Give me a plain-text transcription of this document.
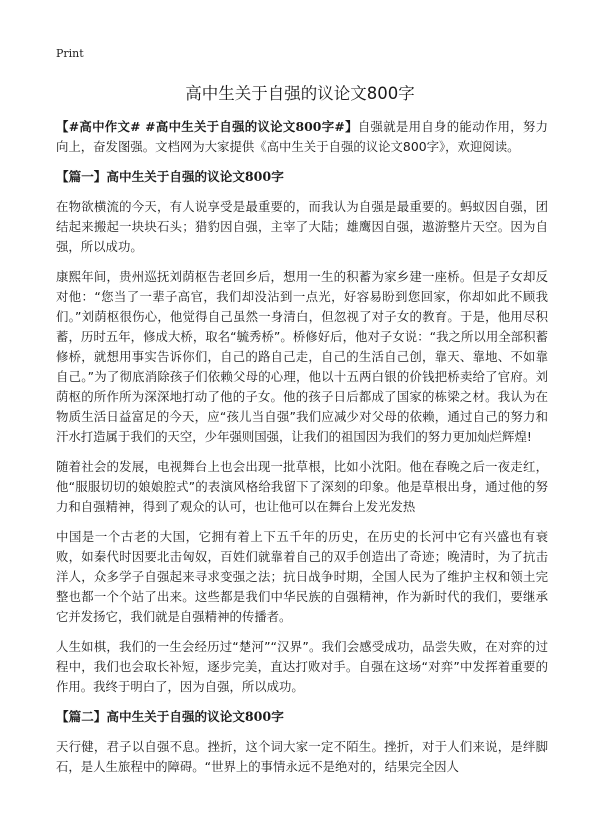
Print
高中生关于自强的议论文800字

【#高中作文# #高中生关于自强的议论文800字#】自强就是用自身的能动作用，努力向上，奋发图强。文档网为大家提供《高中生关于自强的议论文800字》，欢迎阅读。

【篇一】高中生关于自强的议论文800字

在物欲横流的今天，有人说享受是最重要的，而我认为自强是最重要的。蚂蚁因自强，团结起来搬起一块块石头；猎豹因自强，主宰了大陆；雄鹰因自强，遨游整片天空。因为自强，所以成功。

康熙年间，贵州巡抚刘荫枢告老回乡后，想用一生的积蓄为家乡建一座桥。但是子女却反对他：“您当了一辈子高官，我们却没沾到一点光，好容易盼到您回家，你却如此不顾我们。”刘荫枢很伤心，他觉得自己虽然一身清白，但忽视了对子女的教育。于是，他用尽积蓄，历时五年，修成大桥，取名“毓秀桥”。桥修好后，他对子女说：“我之所以用全部积蓄修桥，就想用事实告诉你们，自己的路自己走，自己的生活自己创，靠天、靠地、不如靠自己。”为了彻底消除孩子们依赖父母的心理，他以十五两白银的价钱把桥卖给了官府。刘荫枢的所作所为深深地打动了他的子女。他的孩子日后都成了国家的栋梁之材。我认为在物质生活日益富足的今天，应“孩儿当自强”我们应减少对父母的依赖，通过自己的努力和汗水打造属于我们的天空，少年强则国强，让我们的祖国因为我们的努力更加灿烂辉煌!

随着社会的发展，电视舞台上也会出现一批草根，比如小沈阳。他在春晚之后一夜走红，他“服服切切的娘娘腔式”的表演风格给我留下了深刻的印象。他是草根出身，通过他的努力和自强精神，得到了观众的认可，也让他可以在舞台上发光发热

中国是一个古老的大国，它拥有着上下五千年的历史，在历史的长河中它有兴盛也有衰败，如秦代时因要北击匈奴，百姓们就靠着自己的双手创造出了奇迹；晚清时，为了抗击洋人，众多学子自强起来寻求变强之法；抗日战争时期，全国人民为了维护主权和领土完整也都一个个站了出来。这些都是我们中华民族的自强精神，作为新时代的我们，要继承它并发扬它，我们就是自强精神的传播者。

人生如棋，我们的一生会经历过“楚河”“汉界”。我们会感受成功，品尝失败，在对弈的过程中，我们也会取长补短，逐步完美，直达打败对手。自强在这场“对弈”中发挥着重要的作用。我终于明白了，因为自强，所以成功。

【篇二】高中生关于自强的议论文800字

天行健，君子以自强不息。挫折，这个词大家一定不陌生。挫折，对于人们来说，是绊脚石，是人生旅程中的障碍。“世界上的事情永远不是绝对的，结果完全因人
